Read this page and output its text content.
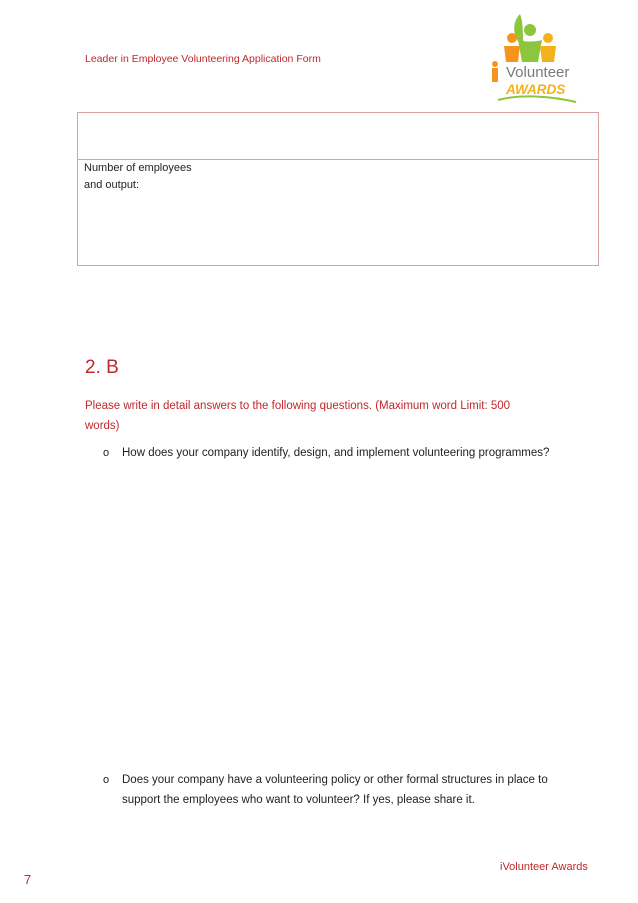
Leader in Employee Volunteering Application Form
Volunteer
AWARDS
Number of employees
and output:
2. B
Please write in detail answers to the following questions. (Maximum word Limit: 500 words)
o How does your company identify, design, and implement volunteering programmes?
o Does your company have a volunteering policy or other formal structures in place to support the employees who want to volunteer? If yes, please share it.
iVolunteer Awards
7
